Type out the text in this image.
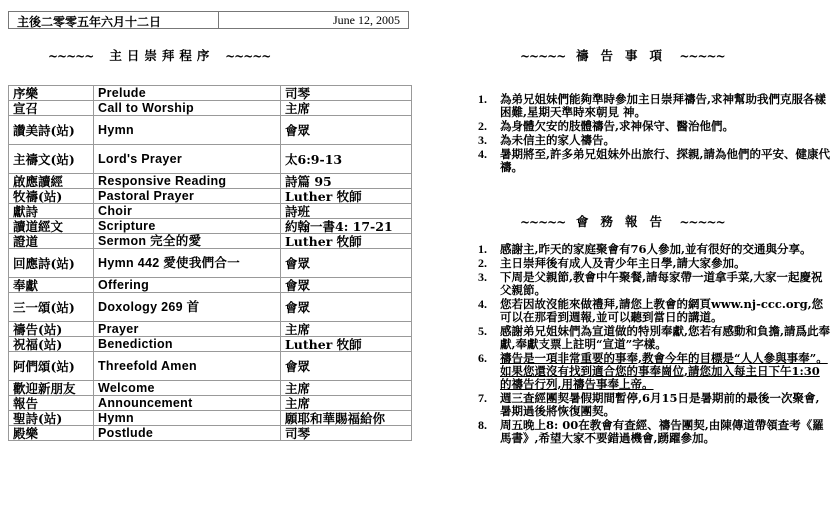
主後二零零五年六月十二日	June 12, 2005
~~~~~ 主日崇拜程序 ~~~~~
序樂	Prelude	司琴
宣召	Call to Worship	主席
讚美詩(站)	Hymn	會眾
主禱文(站)	Lord's Prayer	太6:9-13
啟應讀經	Responsive Reading	詩篇 95
牧禱(站)	Pastoral Prayer	Luther 牧師
獻詩	Choir	詩班
讀道經文	Scripture	約翰一書4: 17-21
證道	Sermon 完全的愛	Luther 牧師
回應詩(站)	Hymn 442 愛使我們合一	會眾
奉獻	Offering	會眾
三一頌(站)	Doxology 269 首	會眾
禱告(站)	Prayer	主席
祝福(站)	Benediction	Luther 牧師
阿們頌(站)	Threefold Amen	會眾
歡迎新朋友	Welcome	主席
報告	Announcement	主席
聖詩(站)	Hymn	願耶和華賜福給你
殿樂	Postlude	司琴
~~~~~ 禱告事項 ~~~~~
1. 為弟兄姐妹們能夠準時參加主日崇拜禱告,求神幫助我們克服各樣困難,星期天準時來朝見 神。
2. 為身體欠安的肢體禱告,求神保守、醫治他們。
3. 為未信主的家人禱告。
4. 暑期將至,許多弟兄姐妹外出旅行、探親,請為他們的平安、健康代禱。
~~~~~ 會務報告 ~~~~~
1. 感謝主,昨天的家庭聚會有76人參加,並有很好的交通與分享。
2. 主日崇拜後有成人及青少年主日學,請大家參加。
3. 下周是父親節,教會中午聚餐,請每家帶一道拿手菜,大家一起慶祝父親節。
4. 您若因故沒能來做禮拜,請您上教會的網頁www.nj-ccc.org,您可以在那看到週報,並可以聽到當日的講道。
5. 感謝弟兄姐妹們為宣道做的特別奉獻,您若有感動和負擔,請爲此奉獻,奉獻支票上註明“宣道”字樣。
6. 禱告是一項非常重要的事奉,教會今年的目標是“人人參與事奉”。如果您還沒有找到適合您的事奉崗位,請您加入每主日下午1:30的禱告行列,用禱告事奉上帝。
7. 週三查經團契暑假期間暫停,6月15日是暑期前的最後一次聚會,暑期過後將恢復團契。
8. 周五晚上8: 00在教會有查經、禱告團契,由陳傳道帶領查考《羅馬書》,希望大家不要錯過機會,踴躍參加。
